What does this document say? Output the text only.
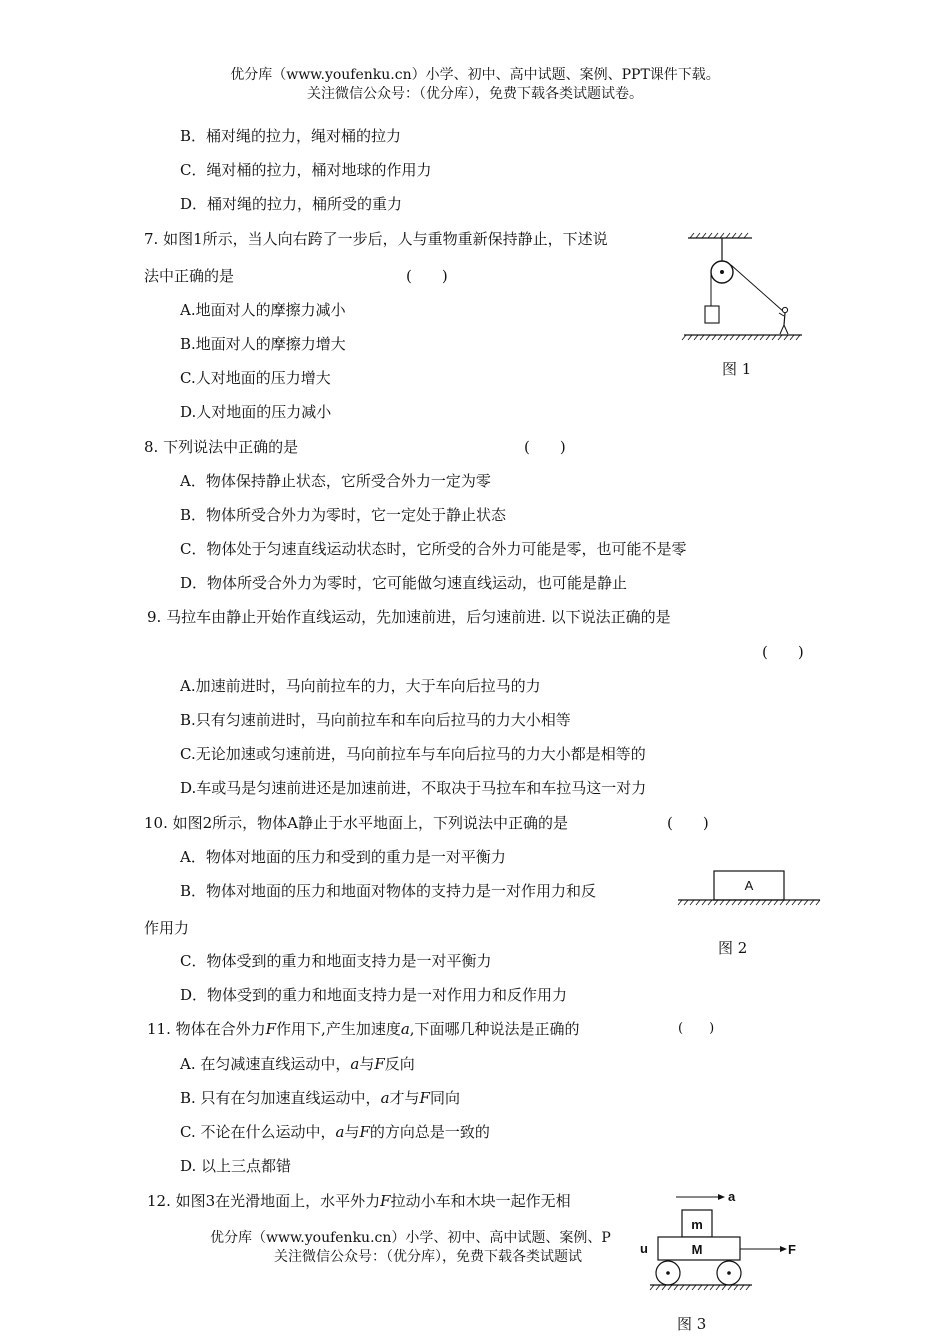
优分库（www.youfenku.cn）小学、初中、高中试题、案例、PPT课件下载。
关注微信公众号：（优分库），免费下载各类试题试卷。
B．桶对绳的拉力，绳对桶的拉力
C．绳对桶的拉力，桶对地球的作用力
D．桶对绳的拉力，桶所受的重力
7. 如图1所示，当人向右跨了一步后，人与重物重新保持静止，下述说
法中正确的是	(　　)
A.地面对人的摩擦力减小
B.地面对人的摩擦力增大
C.人对地面的压力增大
D.人对地面的压力减小
图 1
8. 下列说法中正确的是	(　　)
A．物体保持静止状态，它所受合外力一定为零
B．物体所受合外力为零时，它一定处于静止状态
C．物体处于匀速直线运动状态时，它所受的合外力可能是零，也可能不是零
D．物体所受合外力为零时，它可能做匀速直线运动，也可能是静止
9. 马拉车由静止开始作直线运动，先加速前进，后匀速前进. 以下说法正确的是
(　　)
A.加速前进时，马向前拉车的力，大于车向后拉马的力
B.只有匀速前进时，马向前拉车和车向后拉马的力大小相等
C.无论加速或匀速前进，马向前拉车与车向后拉马的力大小都是相等的
D.车或马是匀速前进还是加速前进，不取决于马拉车和车拉马这一对力
10. 如图2所示，物体A静止于水平地面上，下列说法中正确的是	(　　)
A．物体对地面的压力和受到的重力是一对平衡力
B．物体对地面的压力和地面对物体的支持力是一对作用力和反
作用力
C．物体受到的重力和地面支持力是一对平衡力
D．物体受到的重力和地面支持力是一对作用力和反作用力
A
图 2
11. 物体在合外力F作用下,产生加速度a,下面哪几种说法是正确的	(　　)
A. 在匀减速直线运动中，a与F反向
B. 只有在匀加速直线运动中，a才与F同向
C. 不论在什么运动中，a与F的方向总是一致的
D. 以上三点都错
12. 如图3在光滑地面上，水平外力F拉动小车和木块一起作无相	a
m
M
u	F
图 3
优分库（www.youfenku.cn）小学、初中、高中试题、案例、P
关注微信公众号：（优分库），免费下载各类试题试
